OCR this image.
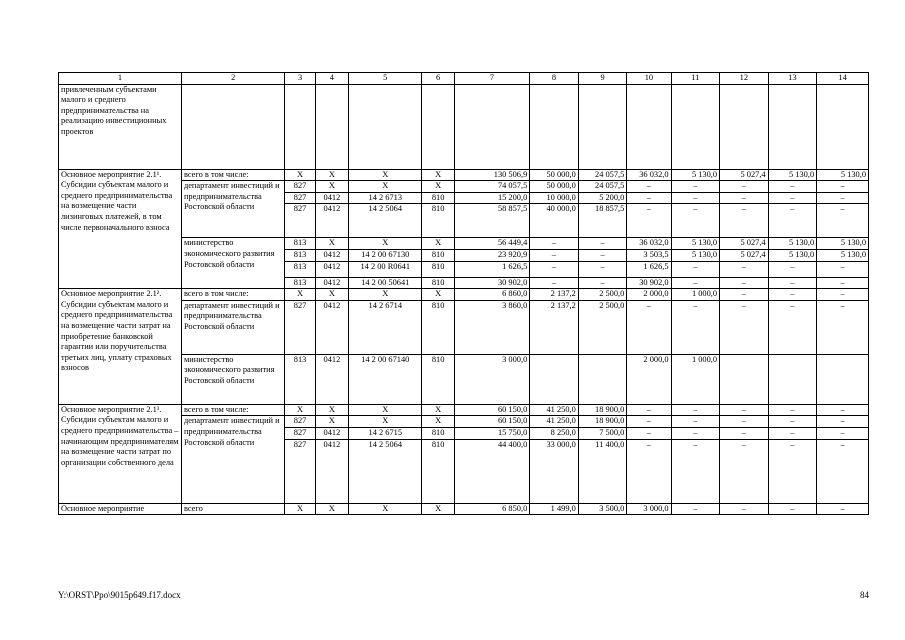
1	2	3	4	5	6	7	8	9	10	11	12	13	14
привлеченным субъектами малого и среднего предпринимательства на реализацию инвестиционных проектов													
Основное мероприятие 2.1¹. Субсидии субъектам малого и среднего предпринимательства на возмещение части лизинговых платежей, в том числе первоначального взноса	всего в том числе:	X	X	X	X	130 506,9	50 000,0	24 057,5	36 032,0	5 130,0	5 027,4	5 130,0	5 130,0
	департамент инвестиций и предпринимательства Ростовской области	827	X	X	X	74 057,5	50 000,0	24 057,5	–	–	–	–	–
		827	0412	14 2 6713	810	15 200,0	10 000,0	5 200,0	–	–	–	–	–
		827	0412	14 2 5064	810	58 857,5	40 000,0	18 857,5	–	–	–	–	–
	министерство экономического развития Ростовской области	813	X	X	X	56 449,4	–	–	36 032,0	5 130,0	5 027,4	5 130,0	5 130,0
		813	0412	14 2 00 67130	810	23 920,9	–	–	3 503,5	5 130,0	5 027,4	5 130,0	5 130,0
		813	0412	14 2 00 R0641	810	1 626,5	–	–	1 626,5	–	–	–	–
		813	0412	14 2 00 50641	810	30 902,0	–	–	30 902,0	–	–	–	–
Основное мероприятие 2.1². Субсидии субъектам малого и среднего предпринимательства на возмещение части затрат на приобретение банковской гарантии или поручительства третьих лиц, уплату страховых взносов	всего в том числе:	X	X	X	X	6 860,0	2 137,2	2 500,0	2 000,0	1 000,0	–	–	–
	департамент инвестиций и предпринимательства Ростовской области	827	0412	14 2 6714	810	3 860,0	2 137,2	2 500,0	–	–	–	–	–
	министерство экономического развития Ростовской области	813	0412	14 2 00 67140	810	3 000,0			2 000,0	1 000,0			
Основное мероприятие 2.1³. Субсидии субъектам малого и среднего предпринимательства – начинающим предпринимателям на возмещение части затрат по организации собственного дела	всего в том числе:	X	X	X	X	60 150,0	41 250,0	18 900,0	–	–	–	–	–
	департамент инвестиций и предпринимательства Ростовской области	827	X	X	X	60 150,0	41 250,0	18 900,0	–	–	–	–	–
		827	0412	14 2 6715	810	15 750,0	8 250,0	7 500,0	–	–	–	–	–
		827	0412	14 2 5064	810	44 400,0	33 000,0	11 400,0	–	–	–	–	–
Основное мероприятие	всего	X	X	X	X	6 850,0	1 499,0	3 500,0	3 000,0	–	–	–	–
Y:\ORST\Ppo\9015p649.f17.docx	84
